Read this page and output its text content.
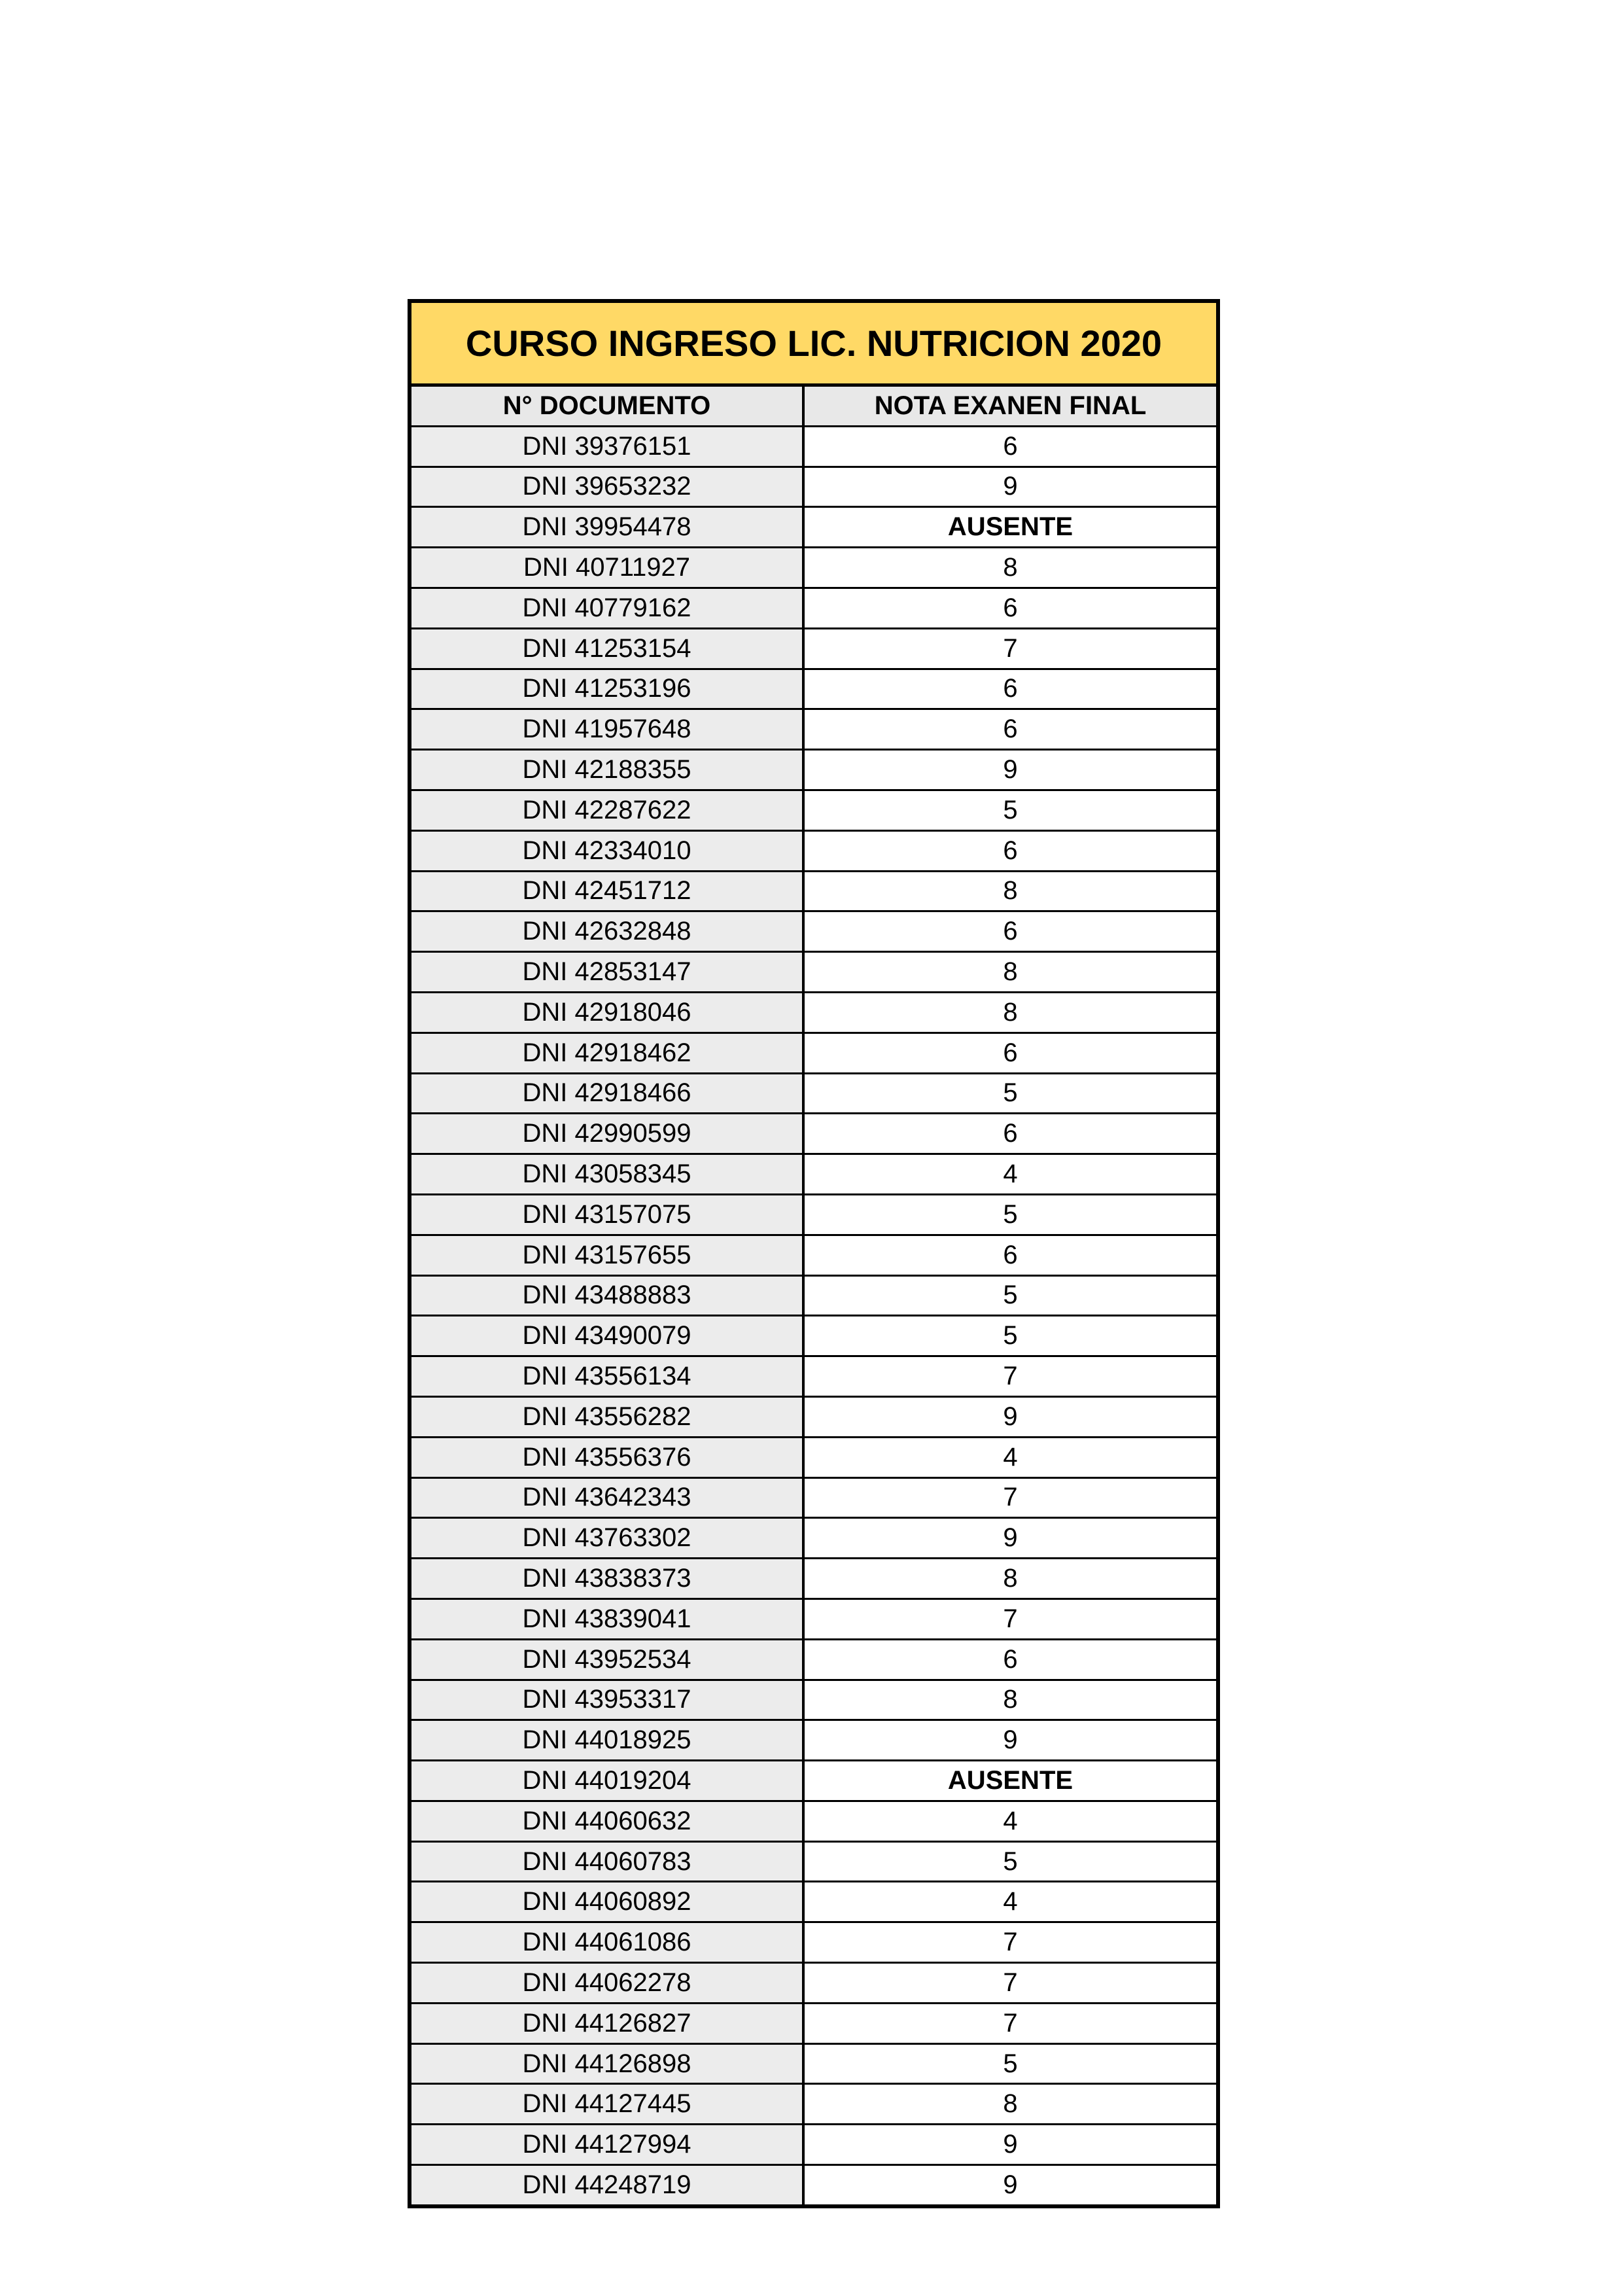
CURSO INGRESO LIC. NUTRICION 2020
N° DOCUMENTO	NOTA EXANEN FINAL
DNI 39376151	6
DNI 39653232	9
DNI 39954478	AUSENTE
DNI 40711927	8
DNI 40779162	6
DNI 41253154	7
DNI 41253196	6
DNI 41957648	6
DNI 42188355	9
DNI 42287622	5
DNI 42334010	6
DNI 42451712	8
DNI 42632848	6
DNI 42853147	8
DNI 42918046	8
DNI 42918462	6
DNI 42918466	5
DNI 42990599	6
DNI 43058345	4
DNI 43157075	5
DNI 43157655	6
DNI 43488883	5
DNI 43490079	5
DNI 43556134	7
DNI 43556282	9
DNI 43556376	4
DNI 43642343	7
DNI 43763302	9
DNI 43838373	8
DNI 43839041	7
DNI 43952534	6
DNI 43953317	8
DNI 44018925	9
DNI 44019204	AUSENTE
DNI 44060632	4
DNI 44060783	5
DNI 44060892	4
DNI 44061086	7
DNI 44062278	7
DNI 44126827	7
DNI 44126898	5
DNI 44127445	8
DNI 44127994	9
DNI 44248719	9
